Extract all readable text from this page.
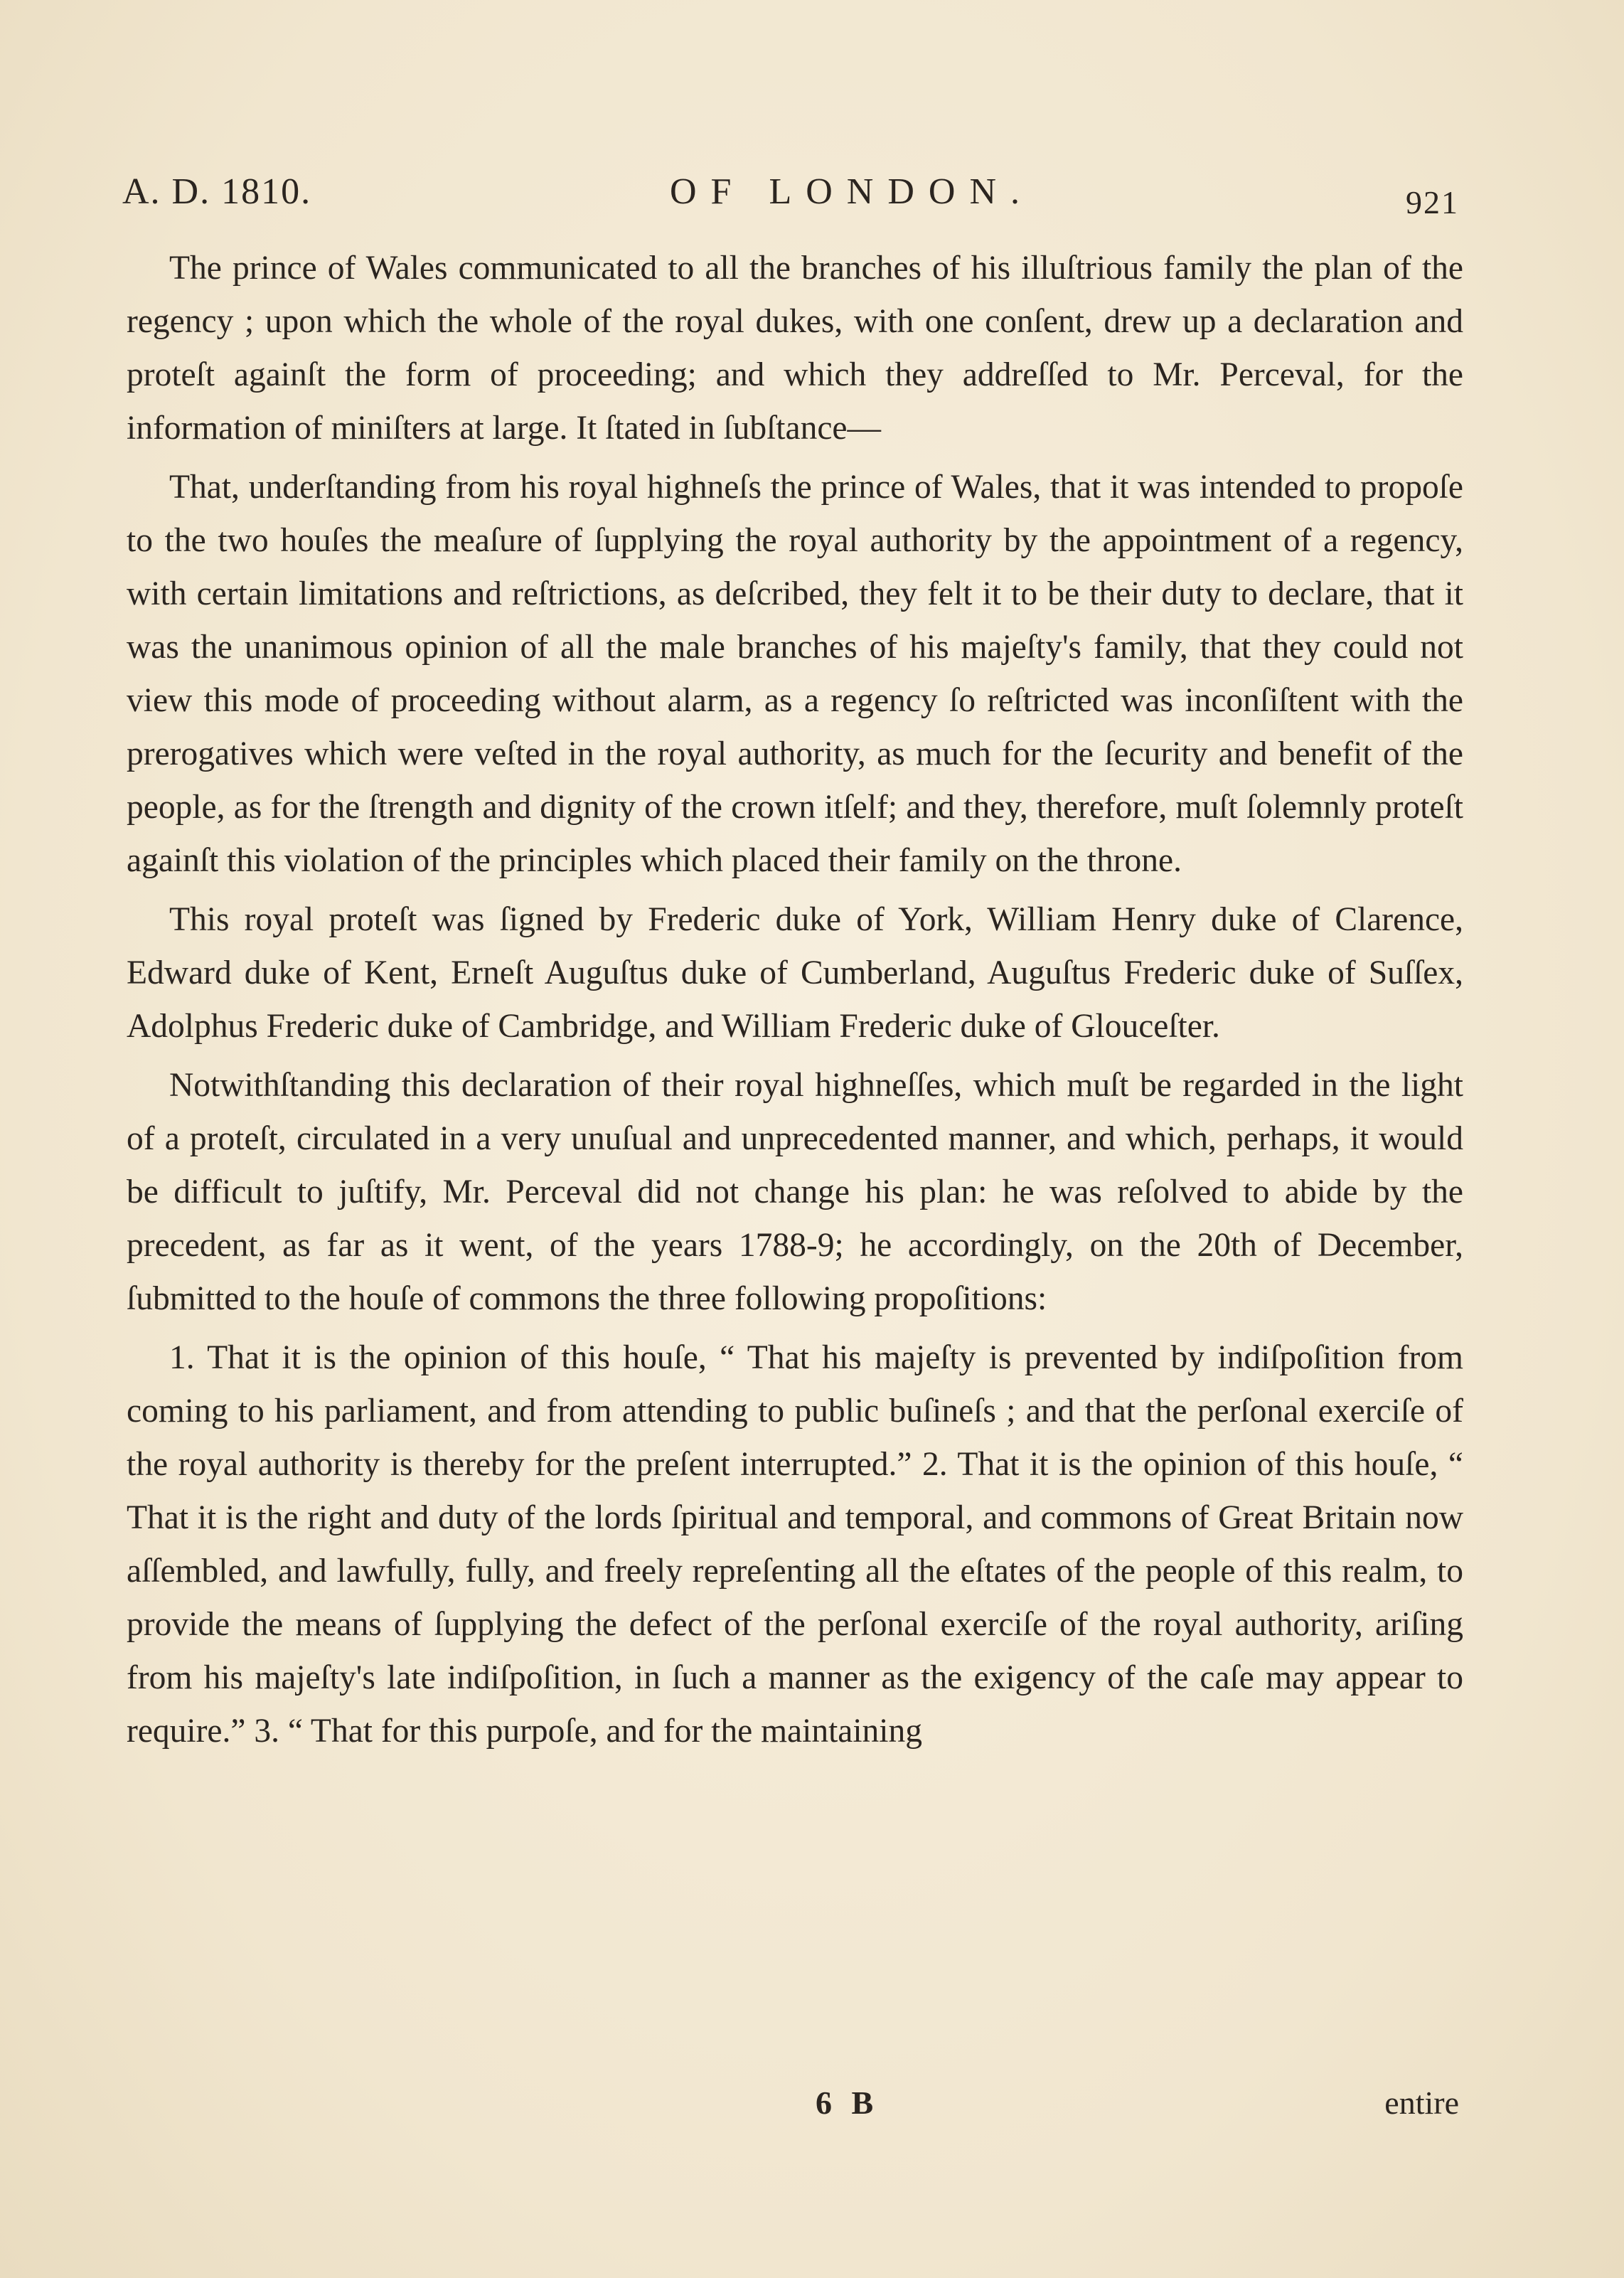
A. D. 1810.	OF LONDON.	921

The prince of Wales communicated to all the branches of his illuſtrious family the plan of the regency ; upon which the whole of the royal dukes, with one conſent, drew up a declaration and proteſt againſt the form of proceeding; and which they addreſſed to Mr. Perceval, for the information of miniſters at large. It ſtated in ſubſtance—

That, underſtanding from his royal highneſs the prince of Wales, that it was intended to propoſe to the two houſes the meaſure of ſupplying the royal authority by the appointment of a regency, with certain limitations and reſtrictions, as deſcribed, they felt it to be their duty to declare, that it was the unanimous opinion of all the male branches of his majeſty's family, that they could not view this mode of proceeding without alarm, as a regency ſo reſtricted was inconſiſtent with the prerogatives which were veſted in the royal authority, as much for the ſecurity and benefit of the people, as for the ſtrength and dignity of the crown itſelf; and they, therefore, muſt ſolemnly proteſt againſt this violation of the principles which placed their family on the throne.

This royal proteſt was ſigned by Frederic duke of York, William Henry duke of Clarence, Edward duke of Kent, Erneſt Auguſtus duke of Cumberland, Auguſtus Frederic duke of Suſſex, Adolphus Frederic duke of Cambridge, and William Frederic duke of Glouceſter.

Notwithſtanding this declaration of their royal highneſſes, which muſt be regarded in the light of a proteſt, circulated in a very unuſual and unprecedented manner, and which, perhaps, it would be difficult to juſtify, Mr. Perceval did not change his plan: he was reſolved to abide by the precedent, as far as it went, of the years 1788-9; he accordingly, on the 20th of December, ſubmitted to the houſe of commons the three following propoſitions:

1. That it is the opinion of this houſe, “ That his majeſty is prevented by indiſpoſition from coming to his parliament, and from attending to public buſineſs ; and that the perſonal exerciſe of the royal authority is thereby for the preſent interrupted.” 2. That it is the opinion of this houſe, “ That it is the right and duty of the lords ſpiritual and temporal, and commons of Great Britain now aſſembled, and lawfully, fully, and freely repreſenting all the eſtates of the people of this realm, to provide the means of ſupplying the defect of the perſonal exerciſe of the royal authority, ariſing from his majeſty's late indiſpoſition, in ſuch a manner as the exigency of the caſe may appear to require.” 3. “ That for this purpoſe, and for the maintaining

6 B	entire
